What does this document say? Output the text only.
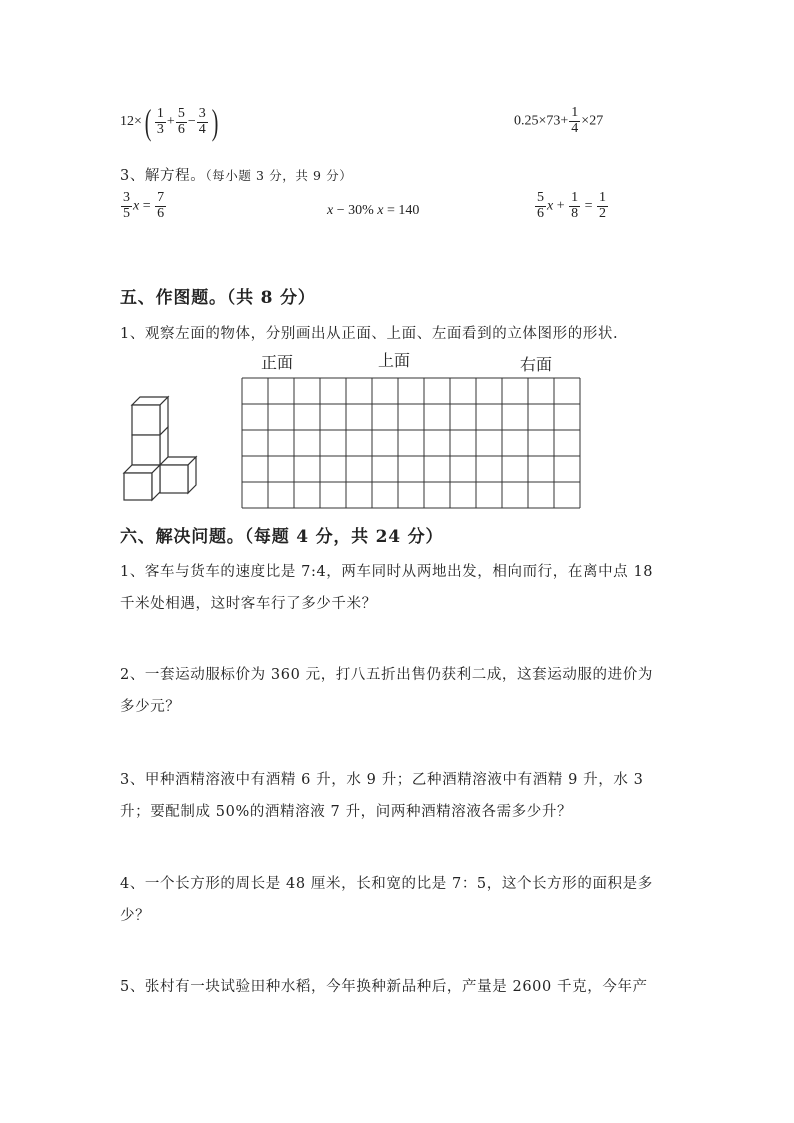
$12\times( \frac{1}{3} + \frac{5}{6} - \frac{3}{4}$ )	$0.25\times 73+ \frac{1}{4} \times 27$
3、解方程。（每小题 3 分，共 9 分）
$\frac{3}{5}$ $x = \frac{7}{6}$	x − 30% x = 140	$\frac{5}{6}$ $x + \frac{1}{8} = \frac{1}{2}$
五、作图题。（共 8 分）
1、观察左面的物体，分别画出从正面、上面、左面看到的立体图形的形状.
正面	上面	右面
六、解决问题。（每题 4 分，共 24 分）
1、客车与货车的速度比是 7:4，两车同时从两地出发，相向而行，在离中点 18
千米处相遇，这时客车行了多少千米？
2、一套运动服标价为 360 元，打八五折出售仍获利二成，这套运动服的进价为
多少元？
3、甲种酒精溶液中有酒精 6 升，水 9 升；乙种酒精溶液中有酒精 9 升，水 3
升；要配制成 50%的酒精溶液 7 升，问两种酒精溶液各需多少升？
4、一个长方形的周长是 48 厘米，长和宽的比是 7：5，这个长方形的面积是多
少？
5、张村有一块试验田种水稻，今年换种新品种后，产量是 2600 千克，今年产
